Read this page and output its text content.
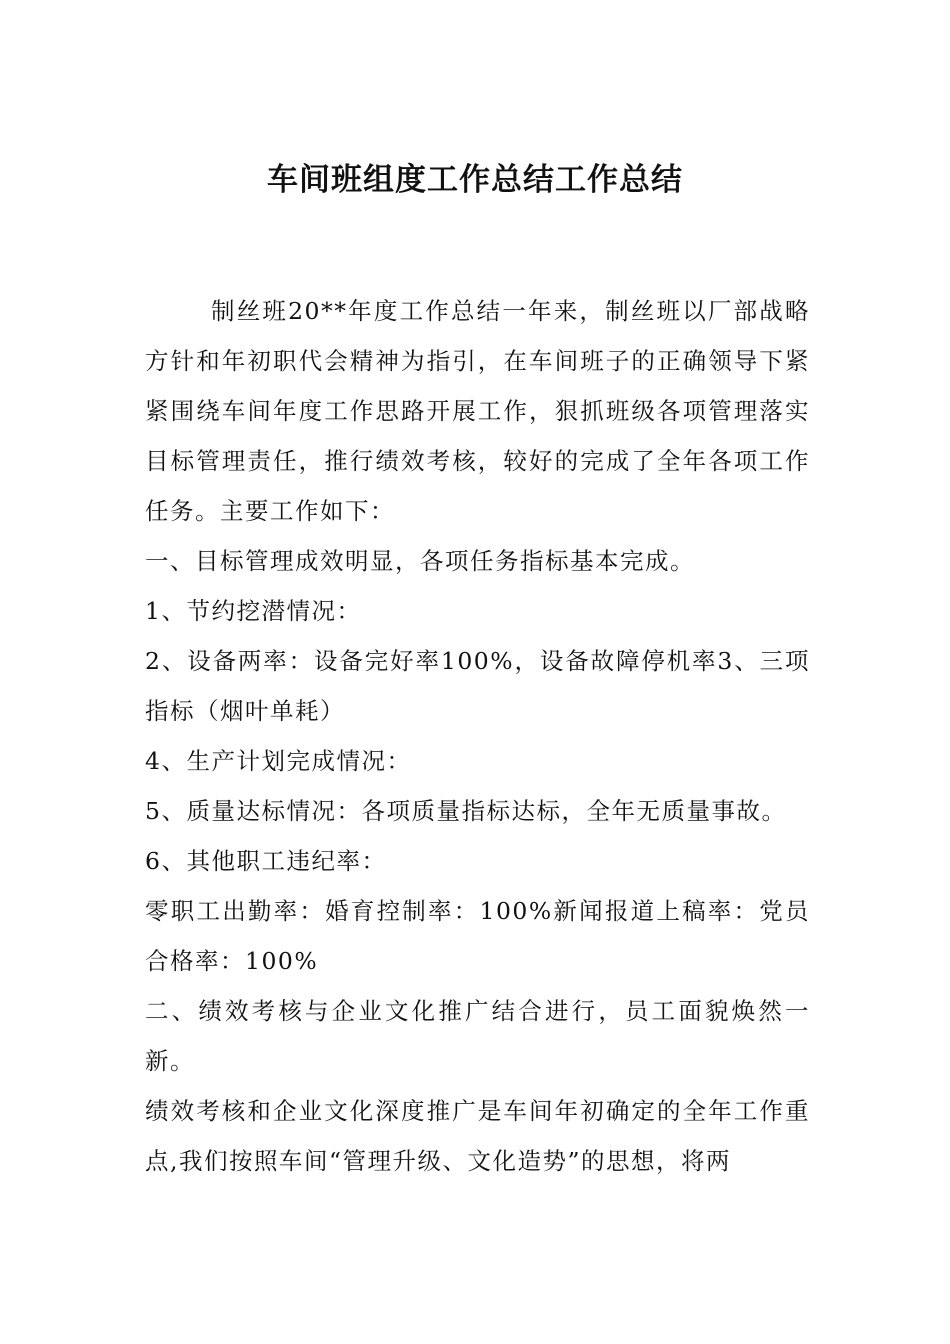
车间班组度工作总结工作总结

制丝班20**年度工作总结一年来，制丝班以厂部战略方针和年初职代会精神为指引，在车间班子的正确领导下紧紧围绕车间年度工作思路开展工作，狠抓班级各项管理落实目标管理责任，推行绩效考核，较好的完成了全年各项工作任务。主要工作如下：

一、目标管理成效明显，各项任务指标基本完成。

1、节约挖潜情况：

2、设备两率：设备完好率100%，设备故障停机率3、三项指标（烟叶单耗）

4、生产计划完成情况：

5、质量达标情况：各项质量指标达标，全年无质量事故。

6、其他职工违纪率：

零职工出勤率：婚育控制率：100%新闻报道上稿率：党员合格率：100%

二、绩效考核与企业文化推广结合进行，员工面貌焕然一新。

绩效考核和企业文化深度推广是车间年初确定的全年工作重点,我们按照车间“管理升级、文化造势”的思想，将两
